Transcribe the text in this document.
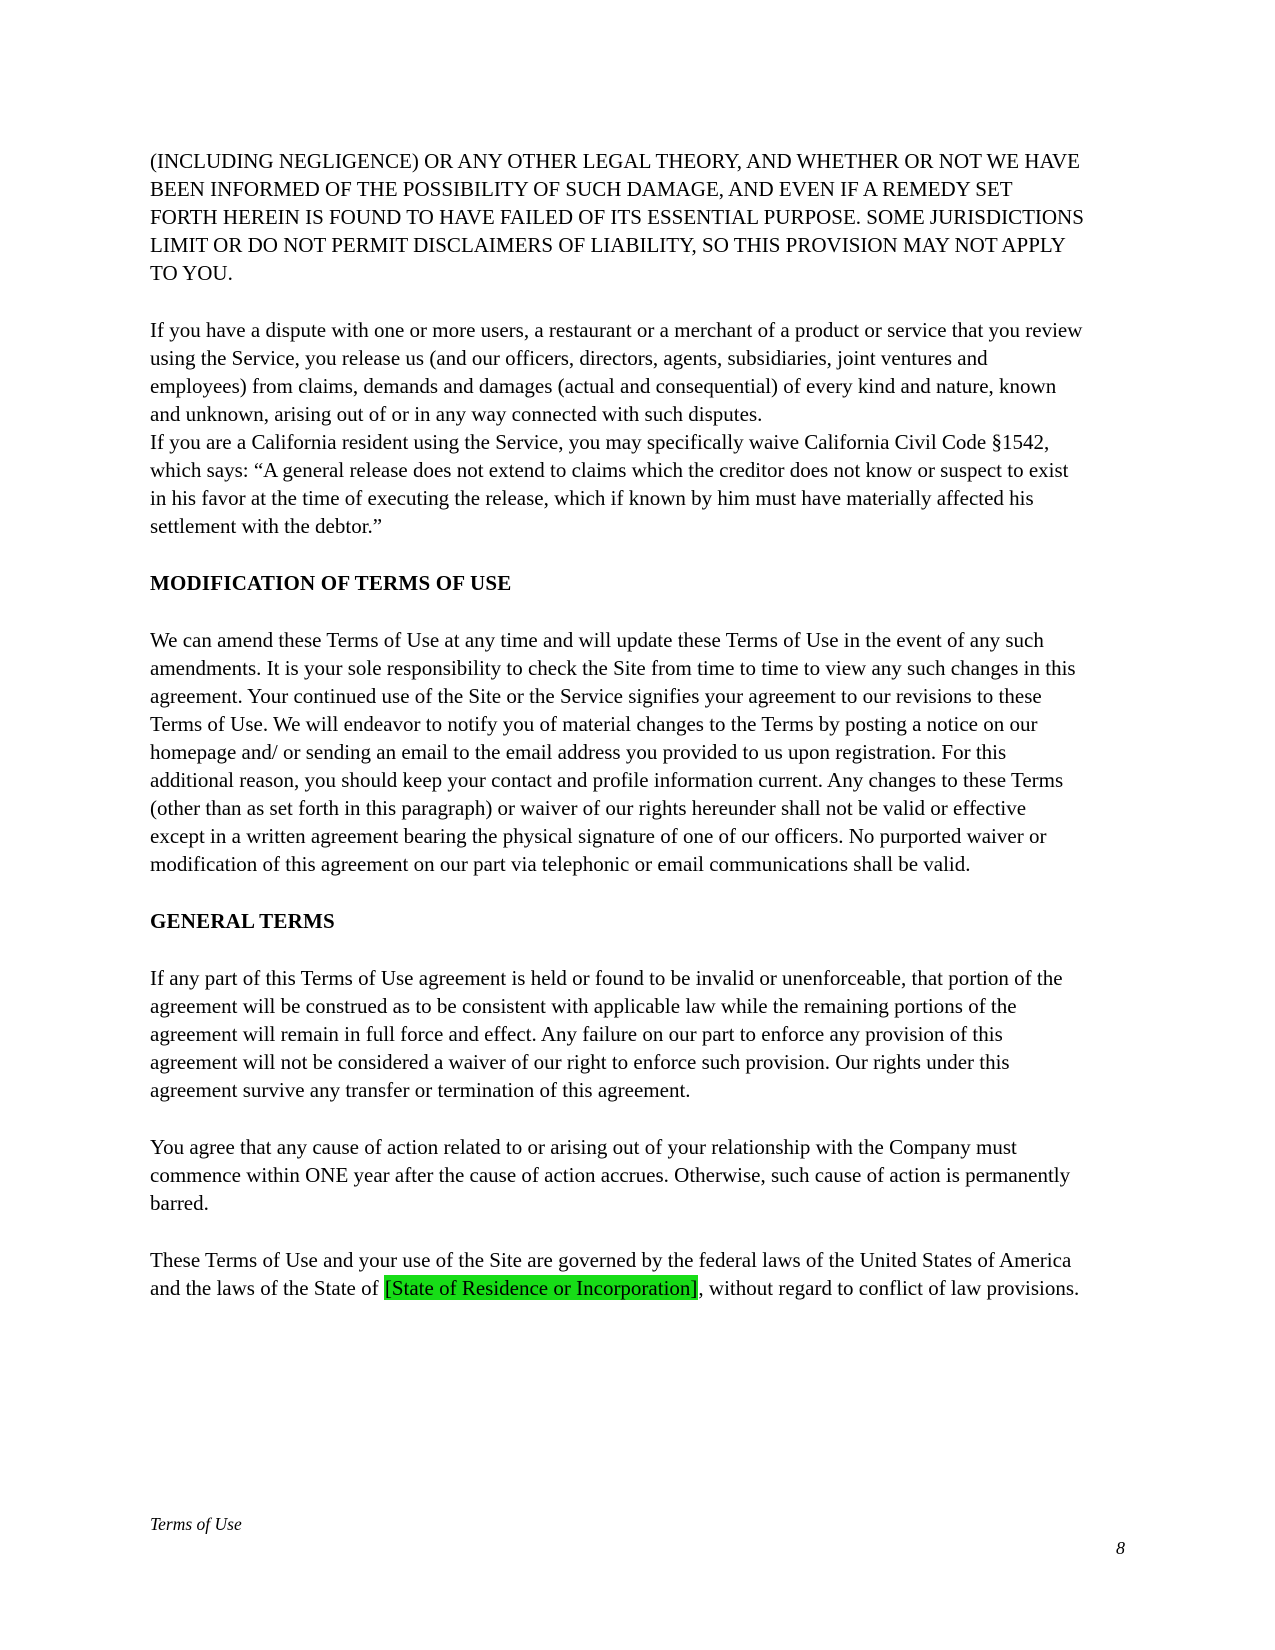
(INCLUDING NEGLIGENCE) OR ANY OTHER LEGAL THEORY, AND WHETHER OR NOT WE HAVE BEEN INFORMED OF THE POSSIBILITY OF SUCH DAMAGE, AND EVEN IF A REMEDY SET FORTH HEREIN IS FOUND TO HAVE FAILED OF ITS ESSENTIAL PURPOSE. SOME JURISDICTIONS LIMIT OR DO NOT PERMIT DISCLAIMERS OF LIABILITY, SO THIS PROVISION MAY NOT APPLY TO YOU.

If you have a dispute with one or more users, a restaurant or a merchant of a product or service that you review using the Service, you release us (and our officers, directors, agents, subsidiaries, joint ventures and employees) from claims, demands and damages (actual and consequential) of every kind and nature, known and unknown, arising out of or in any way connected with such disputes.

If you are a California resident using the Service, you may specifically waive California Civil Code §1542, which says: “A general release does not extend to claims which the creditor does not know or suspect to exist in his favor at the time of executing the release, which if known by him must have materially affected his settlement with the debtor.”

MODIFICATION OF TERMS OF USE

We can amend these Terms of Use at any time and will update these Terms of Use in the event of any such amendments. It is your sole responsibility to check the Site from time to time to view any such changes in this agreement. Your continued use of the Site or the Service signifies your agreement to our revisions to these Terms of Use. We will endeavor to notify you of material changes to the Terms by posting a notice on our homepage and/ or sending an email to the email address you provided to us upon registration. For this additional reason, you should keep your contact and profile information current. Any changes to these Terms (other than as set forth in this paragraph) or waiver of our rights hereunder shall not be valid or effective except in a written agreement bearing the physical signature of one of our officers. No purported waiver or modification of this agreement on our part via telephonic or email communications shall be valid.

GENERAL TERMS

If any part of this Terms of Use agreement is held or found to be invalid or unenforceable, that portion of the agreement will be construed as to be consistent with applicable law while the remaining portions of the agreement will remain in full force and effect. Any failure on our part to enforce any provision of this agreement will not be considered a waiver of our right to enforce such provision. Our rights under this agreement survive any transfer or termination of this agreement.

You agree that any cause of action related to or arising out of your relationship with the Company must commence within ONE year after the cause of action accrues. Otherwise, such cause of action is permanently barred.

These Terms of Use and your use of the Site are governed by the federal laws of the United States of America and the laws of the State of [State of Residence or Incorporation], without regard to conflict of law provisions.

Terms of Use
8
